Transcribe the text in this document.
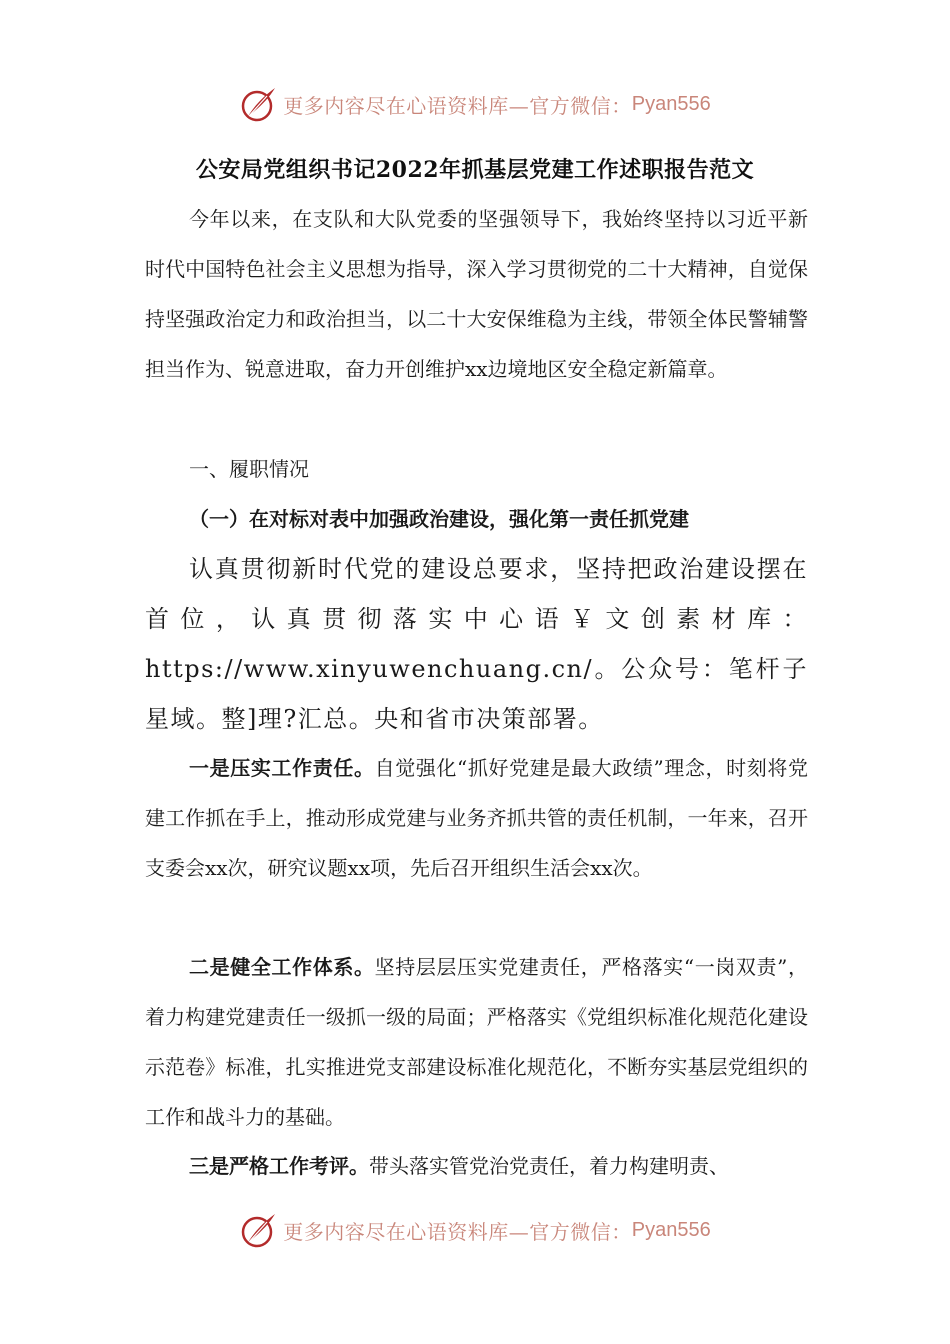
更多内容尽在心语资料库—官方微信： Pyan556
公安局党组织书记2022年抓基层党建工作述职报告范文

今年以来，在支队和大队党委的坚强领导下，我始终坚持以习近平新时代中国特色社会主义思想为指导，深入学习贯彻党的二十大精神，自觉保持坚强政治定力和政治担当，以二十大安保维稳为主线，带领全体民警辅警担当作为、锐意进取，奋力开创维护xx边境地区安全稳定新篇章。

一、履职情况

（一）在对标对表中加强政治建设，强化第一责任抓党建

认真贯彻新时代党的建设总要求，坚持把政治建设摆在首位，认真贯彻落实中心语￥文创素材库：https://www.xinyuwenchuang.cn/。公众号：笔杆子星域。整]理?汇总。央和省市决策部署。

一是压实工作责任。自觉强化“抓好党建是最大政绩”理念，时刻将党建工作抓在手上，推动形成党建与业务齐抓共管的责任机制，一年来，召开支委会xx次，研究议题xx项，先后召开组织生活会xx次。

二是健全工作体系。坚持层层压实党建责任，严格落实“一岗双责”，着力构建党建责任一级抓一级的局面；严格落实《党组织标准化规范化建设示范卷》标准，扎实推进党支部建设标准化规范化，不断夯实基层党组织的工作和战斗力的基础。

三是严格工作考评。带头落实管党治党责任，着力构建明责、

更多内容尽在心语资料库—官方微信： Pyan556
